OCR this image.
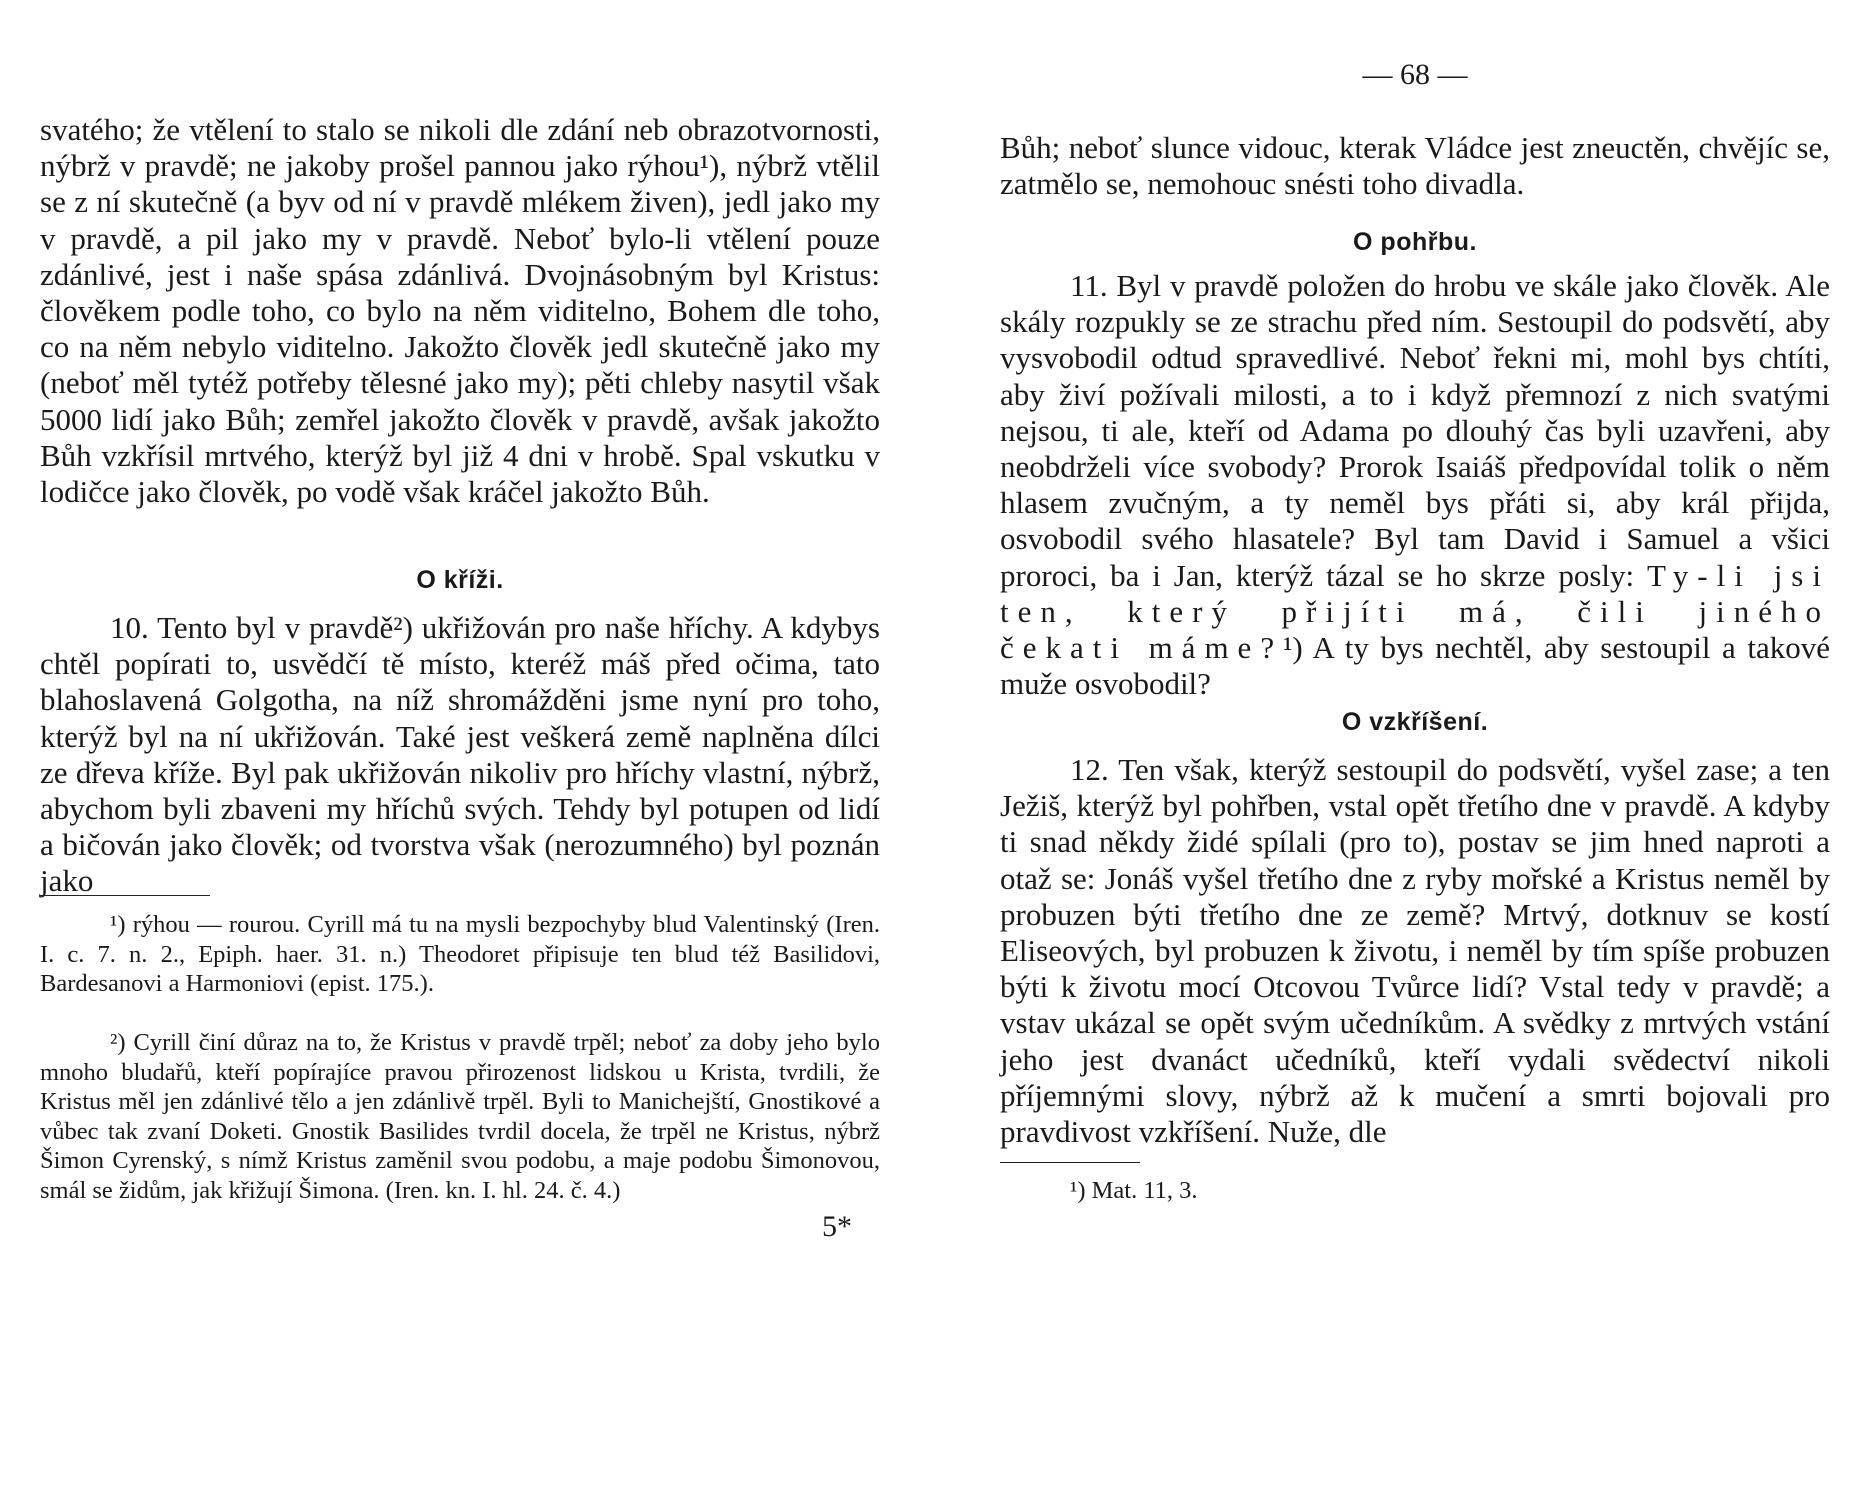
svatého; že vtělení to stalo se nikoli dle zdání neb obrazotvornosti, nýbrž v pravdě; ne jakoby prošel pannou jako rýhou¹), nýbrž vtělil se z ní skutečně (a byv od ní v pravdě mlékem živen), jedl jako my v pravdě, a pil jako my v pravdě. Neboť bylo-li vtělení pouze zdánlivé, jest i naše spása zdánlivá. Dvojnásobným byl Kristus: člověkem podle toho, co bylo na něm viditelno, Bohem dle toho, co na něm nebylo viditelno. Jakožto člověk jedl skutečně jako my (neboť měl tytéž potřeby tělesné jako my); pěti chleby nasytil však 5000 lidí jako Bůh; zemřel jakožto člověk v pravdě, avšak jakožto Bůh vzkřísil mrtvého, kterýž byl již 4 dni v hrobě. Spal vskutku v lodičce jako člověk, po vodě však kráčel jakožto Bůh.

O kříži.

10. Tento byl v pravdě²) ukřižován pro naše hříchy. A kdybys chtěl popírati to, usvědčí tě místo, kteréž máš před očima, tato blahoslavená Golgotha, na níž shromážděni jsme nyní pro toho, kterýž byl na ní ukřižován. Také jest veškerá země naplněna dílci ze dřeva kříže. Byl pak ukřižován nikoliv pro hříchy vlastní, nýbrž, abychom byli zbaveni my hříchů svých. Tehdy byl potupen od lidí a bičován jako člověk; od tvorstva však (nerozumného) byl poznán jako

¹) rýhou — rourou. Cyrill má tu na mysli bezpochyby blud Valentinský (Iren. I. c. 7. n. 2., Epiph. haer. 31. n.) Theodoret připisuje ten blud též Basilidovi, Bardesanovi a Harmoniovi (epist. 175.).

²) Cyrill činí důraz na to, že Kristus v pravdě trpěl; neboť za doby jeho bylo mnoho bludařů, kteří popírajíce pravou přirozenost lidskou u Krista, tvrdili, že Kristus měl jen zdánlivé tělo a jen zdánlivě trpěl. Byli to Manichejští, Gnostikové a vůbec tak zvaní Doketi. Gnostik Basilides tvrdil docela, že trpěl ne Kristus, nýbrž Šimon Cyrenský, s nímž Kristus zaměnil svou podobu, a maje podobu Šimonovou, smál se židům, jak křižují Šimona. (Iren. kn. I. hl. 24. č. 4.)

5*
— 68 —

Bůh; neboť slunce vidouc, kterak Vládce jest zneuctěn, chvějíc se, zatmělo se, nemohouc snésti toho divadla.

O pohřbu.

11. Byl v pravdě položen do hrobu ve skále jako člověk. Ale skály rozpukly se ze strachu před ním. Sestoupil do podsvětí, aby vysvobodil odtud spravedlivé. Neboť řekni mi, mohl bys chtíti, aby živí požívali milosti, a to i když přemnozí z nich svatými nejsou, ti ale, kteří od Adama po dlouhý čas byli uzavřeni, aby neobdrželi více svobody? Prorok Isaiáš předpovídal tolik o něm hlasem zvučným, a ty neměl bys přáti si, aby král přijda, osvobodil svého hlasatele? Byl tam David i Samuel a všici proroci, ba i Jan, kterýž tázal se ho skrze posly: Ty-li jsi ten, který přijíti má, čili jiného čekati máme?¹) A ty bys nechtěl, aby sestoupil a takové muže osvobodil?

O vzkříšení.

12. Ten však, kterýž sestoupil do podsvětí, vyšel zase; a ten Ježiš, kterýž byl pohřben, vstal opět třetího dne v pravdě. A kdyby ti snad někdy židé spílali (pro to), postav se jim hned naproti a otaž se: Jonáš vyšel třetího dne z ryby mořské a Kristus neměl by probuzen býti třetího dne ze země? Mrtvý, dotknuv se kostí Eliseových, byl probuzen k životu, i neměl by tím spíše probuzen býti k životu mocí Otcovou Tvůrce lidí? Vstal tedy v pravdě; a vstav ukázal se opět svým učedníkům. A svědky z mrtvých vstání jeho jest dvanáct učedníků, kteří vydali svědectví nikoli příjemnými slovy, nýbrž až k mučení a smrti bojovali pro pravdivost vzkříšení. Nuže, dle

¹) Mat. 11, 3.
